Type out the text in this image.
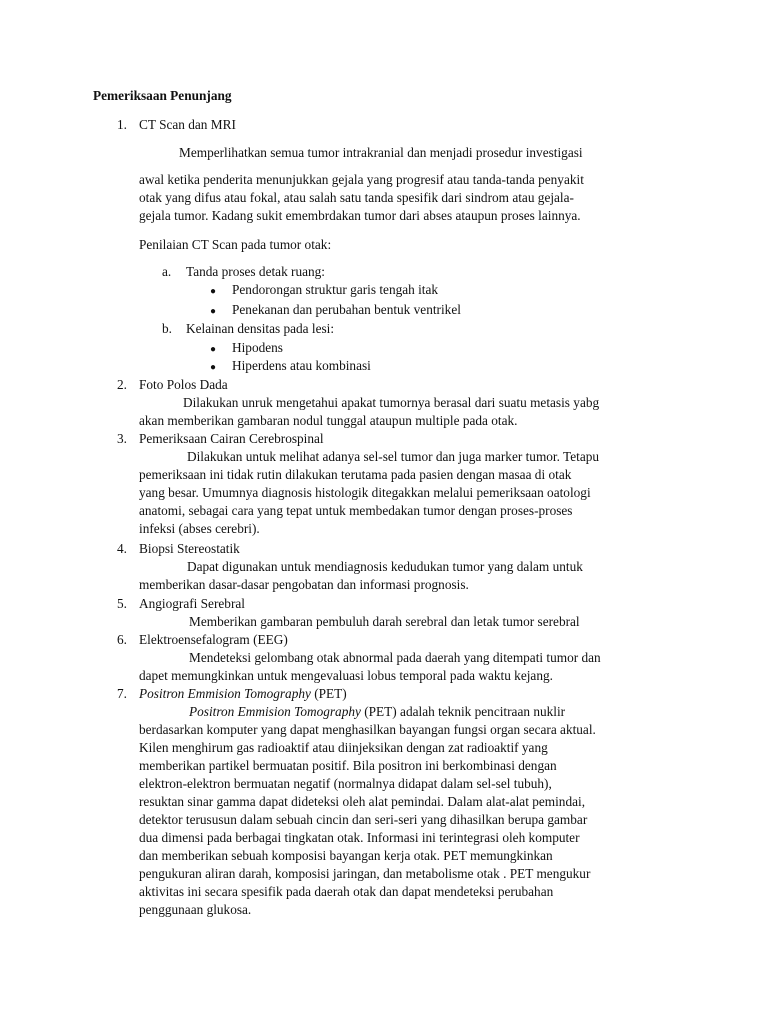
Pemeriksaan Penunjang
1. CT Scan dan MRI
Memperlihatkan semua tumor intrakranial dan menjadi prosedur investigasi
awal ketika penderita menunjukkan gejala yang progresif atau tanda-tanda penyakit
otak yang difus atau fokal, atau salah satu tanda spesifik dari sindrom atau gejala-
gejala tumor. Kadang sukit emembrdakan tumor dari abses ataupun proses lainnya.
Penilaian CT Scan pada tumor otak:
a. Tanda proses detak ruang:
● Pendorongan struktur garis tengah itak
● Penekanan dan perubahan bentuk ventrikel
b. Kelainan densitas pada lesi:
● Hipodens
● Hiperdens atau kombinasi
2. Foto Polos Dada
Dilakukan unruk mengetahui apakat tumornya berasal dari suatu metasis yabg
akan memberikan gambaran nodul tunggal ataupun multiple pada otak.
3. Pemeriksaan Cairan Cerebrospinal
Dilakukan untuk melihat adanya sel-sel tumor dan juga marker tumor. Tetapu
pemeriksaan ini tidak rutin dilakukan terutama pada pasien dengan masaa di otak
yang besar. Umumnya diagnosis histologik ditegakkan melalui pemeriksaan oatologi
anatomi, sebagai cara yang tepat untuk membedakan tumor dengan proses-proses
infeksi (abses cerebri).
4. Biopsi Stereostatik
Dapat digunakan untuk mendiagnosis kedudukan tumor yang dalam untuk
memberikan dasar-dasar pengobatan dan informasi prognosis.
5. Angiografi Serebral
Memberikan gambaran pembuluh darah serebral dan letak tumor serebral
6. Elektroensefalogram (EEG)
Mendeteksi gelombang otak abnormal pada daerah yang ditempati tumor dan
dapet memungkinkan untuk mengevaluasi lobus temporal pada waktu kejang.
7. Positron Emmision Tomography (PET)
Positron Emmision Tomography (PET) adalah teknik pencitraan nuklir
berdasarkan komputer yang dapat menghasilkan bayangan fungsi organ secara aktual.
Kilen menghirum gas radioaktif atau diinjeksikan dengan zat radioaktif yang
memberikan partikel bermuatan positif. Bila positron ini berkombinasi dengan
elektron-elektron bermuatan negatif (normalnya didapat dalam sel-sel tubuh),
resuktan sinar gamma dapat dideteksi oleh alat pemindai. Dalam alat-alat pemindai,
detektor terususun dalam sebuah cincin dan seri-seri yang dihasilkan berupa gambar
dua dimensi pada berbagai tingkatan otak. Informasi ini terintegrasi oleh komputer
dan memberikan sebuah komposisi bayangan kerja otak. PET memungkinkan
pengukuran aliran darah, komposisi jaringan, dan metabolisme otak . PET mengukur
aktivitas ini secara spesifik pada daerah otak dan dapat mendeteksi perubahan
penggunaan glukosa.
